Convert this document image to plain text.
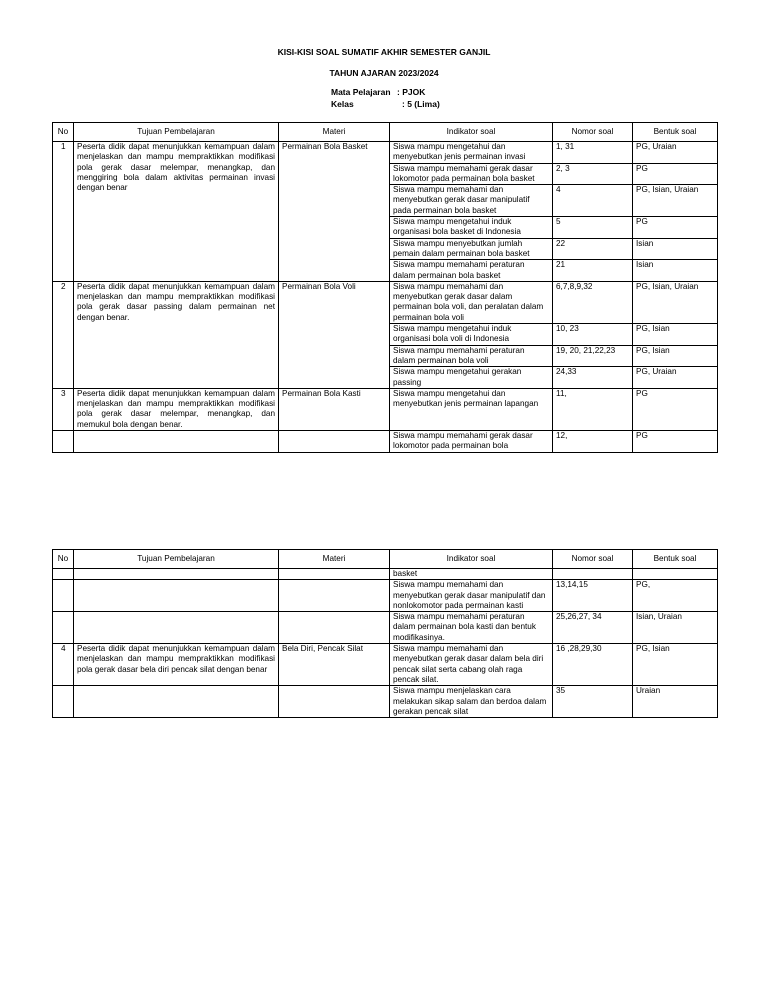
KISI-KISI SOAL SUMATIF AKHIR SEMESTER GANJIL
TAHUN AJARAN 2023/2024
Mata Pelajaran : PJOK
Kelas	: 5 (Lima)
No	Tujuan Pembelajaran	Materi	Indikator soal	Nomor soal	Bentuk soal
1	Peserta didik dapat menunjukkan kemampuan dalam menjelaskan dan mampu mempraktikkan modifikasi pola gerak dasar melempar, menangkap, dan menggiring bola dalam aktivitas permainan invasi dengan benar	Permainan Bola Basket	Siswa mampu mengetahui dan menyebutkan jenis permainan invasi	1, 31	PG, Uraian
			Siswa mampu memahami gerak dasar lokomotor pada permainan bola basket	2, 3	PG
			Siswa mampu memahami dan menyebutkan gerak dasar manipulatif pada permainan bola basket	4	PG, Isian, Uraian
			Siswa mampu mengetahui induk organisasi bola basket di Indonesia	5	PG
			Siswa mampu menyebutkan jumlah pemain dalam permainan bola basket	22	Isian
			Siswa mampu memahami peraturan dalam permainan bola basket	21	Isian
2	Peserta didik dapat menunjukkan kemampuan dalam menjelaskan dan mampu mempraktikkan modifikasi pola gerak dasar passing dalam permainan net dengan benar.	Permainan Bola Voli	Siswa mampu memahami dan menyebutkan gerak dasar dalam permainan bola voli, dan peralatan dalam permainan bola voli	6,7,8,9,32	PG, Isian, Uraian
			Siswa mampu mengetahui induk organisasi bola voli di Indonesia	10, 23	PG, Isian
			Siswa mampu memahami peraturan dalam permainan bola voli	19, 20, 21,22,23	PG, Isian
			Siswa mampu mengetahui gerakan passing	24,33	PG, Uraian
3	Peserta didik dapat menunjukkan kemampuan dalam menjelaskan dan mampu mempraktikkan modifikasi pola gerak dasar melempar, menangkap, dan memukul bola dengan benar.	Permainan Bola Kasti	Siswa mampu mengetahui dan menyebutkan jenis permainan lapangan	11,	PG
			Siswa mampu memahami gerak dasar lokomotor pada permainan bola	12,	PG
No	Tujuan Pembelajaran	Materi	Indikator soal	Nomor soal	Bentuk soal
			basket		
			Siswa mampu memahami dan menyebutkan gerak dasar manipulatif dan nonlokomotor pada permainan kasti	13,14,15	PG,
			Siswa mampu memahami peraturan dalam permainan bola kasti dan bentuk modifikasinya.	25,26,27, 34	Isian, Uraian
4	Peserta didik dapat menunjukkan kemampuan dalam menjelaskan dan mampu mempraktikkan modifikasi pola gerak dasar bela diri pencak silat dengan benar	Bela Diri, Pencak Silat	Siswa mampu memahami dan menyebutkan gerak dasar dalam bela diri pencak silat serta cabang olah raga pencak silat.	16 ,28,29,30	PG, Isian
			Siswa mampu menjelaskan cara melakukan sikap salam dan berdoa dalam gerakan pencak silat	35	Uraian
